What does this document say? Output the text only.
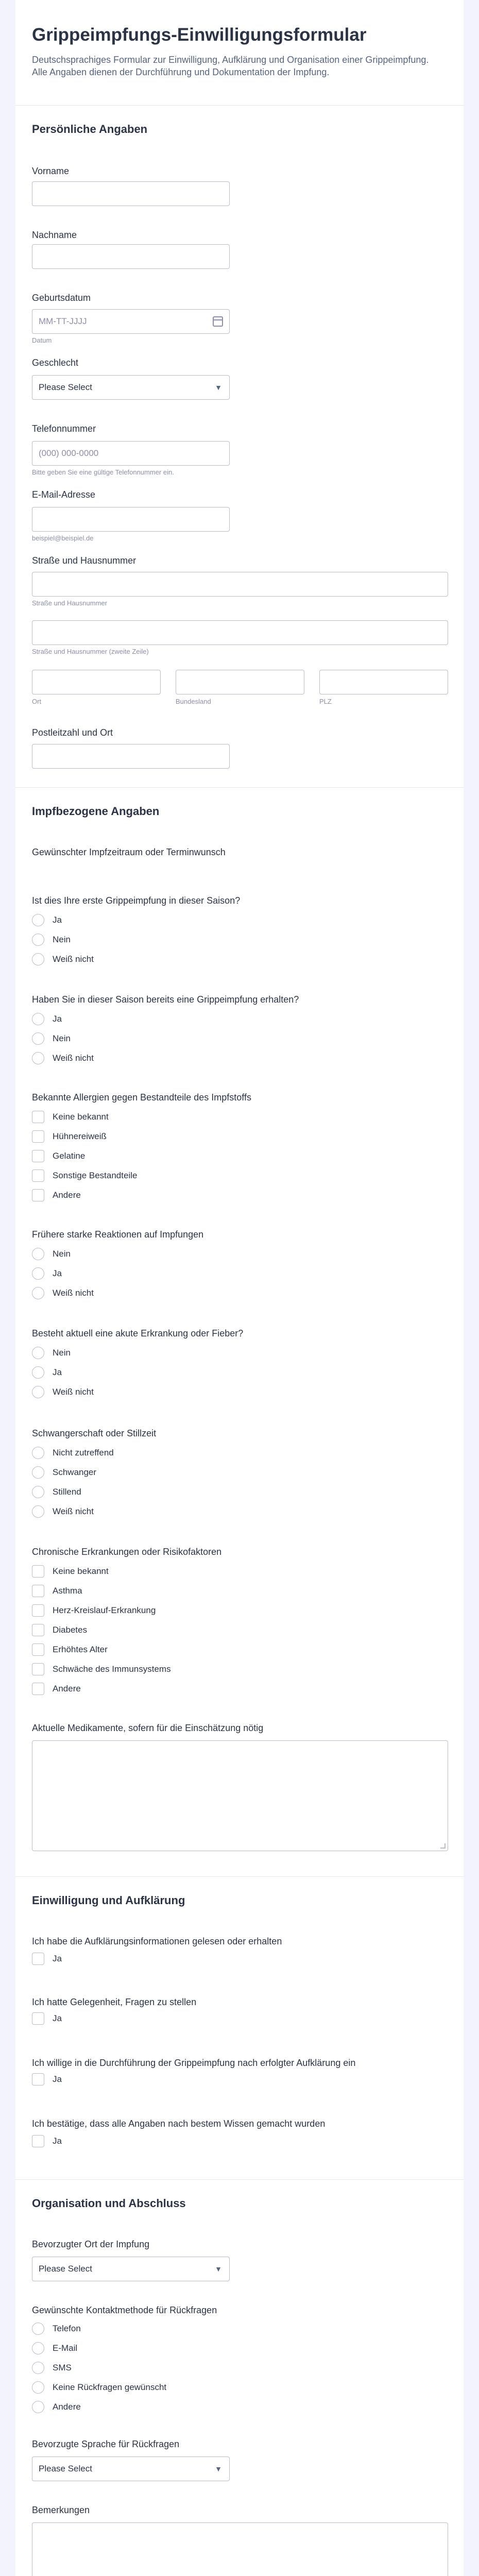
Grippeimpfungs-Einwilligungsformular
Deutschsprachiges Formular zur Einwilligung, Aufklärung und Organisation einer Grippeimpfung. Alle Angaben dienen der Durchführung und Dokumentation der Impfung.
Persönliche Angaben
Vorname
Nachname
Geburtsdatum
MM-TT-JJJJ
Datum
Geschlecht
Please Select	▼
Telefonnummer
(000) 000-0000
Bitte geben Sie eine gültige Telefonnummer ein.
E-Mail-Adresse
beispiel@beispiel.de
Straße und Hausnummer
Straße und Hausnummer
Straße und Hausnummer (zweite Zeile)
Ort	Bundesland	PLZ
Postleitzahl und Ort
Impfbezogene Angaben
Gewünschter Impfzeitraum oder Terminwunsch
Ist dies Ihre erste Grippeimpfung in dieser Saison?
Ja
Nein
Weiß nicht
Haben Sie in dieser Saison bereits eine Grippeimpfung erhalten?
Ja
Nein
Weiß nicht
Bekannte Allergien gegen Bestandteile des Impfstoffs
Keine bekannt
Hühnereiweiß
Gelatine
Sonstige Bestandteile
Andere
Frühere starke Reaktionen auf Impfungen
Nein
Ja
Weiß nicht
Besteht aktuell eine akute Erkrankung oder Fieber?
Nein
Ja
Weiß nicht
Schwangerschaft oder Stillzeit
Nicht zutreffend
Schwanger
Stillend
Weiß nicht
Chronische Erkrankungen oder Risikofaktoren
Keine bekannt
Asthma
Herz-Kreislauf-Erkrankung
Diabetes
Erhöhtes Alter
Schwäche des Immunsystems
Andere
Aktuelle Medikamente, sofern für die Einschätzung nötig
Einwilligung und Aufklärung
Ich habe die Aufklärungsinformationen gelesen oder erhalten
Ja
Ich hatte Gelegenheit, Fragen zu stellen
Ja
Ich willige in die Durchführung der Grippeimpfung nach erfolgter Aufklärung ein
Ja
Ich bestätige, dass alle Angaben nach bestem Wissen gemacht wurden
Ja
Organisation und Abschluss
Bevorzugter Ort der Impfung
Please Select	▼
Gewünschte Kontaktmethode für Rückfragen
Telefon
E-Mail
SMS
Keine Rückfragen gewünscht
Andere
Bevorzugte Sprache für Rückfragen
Please Select	▼
Bemerkungen
